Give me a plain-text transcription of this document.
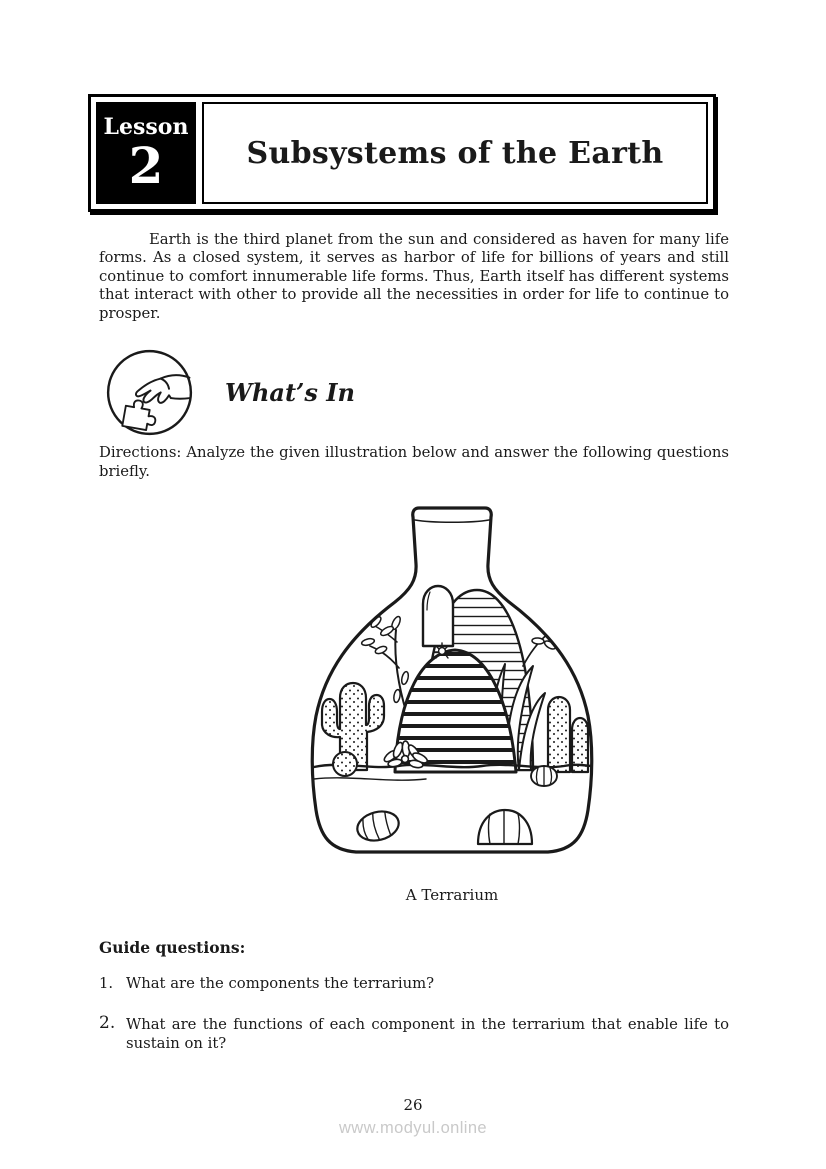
Lesson
2	Subsystems of the Earth

Earth is the third planet from the sun and considered as haven for many life forms. As a closed system, it serves as harbor of life for billions of years and still continue to comfort innumerable life forms. Thus, Earth itself has different systems that interact with other to provide all the necessities in order for life to continue to prosper.

What’s In

Directions: Analyze the given illustration below and answer the following questions briefly.

A Terrarium
Guide questions:
1. What are the components the terrarium?
2. What are the functions of each component in the terrarium that enable life to sustain on it?
26
www.modyul.online
